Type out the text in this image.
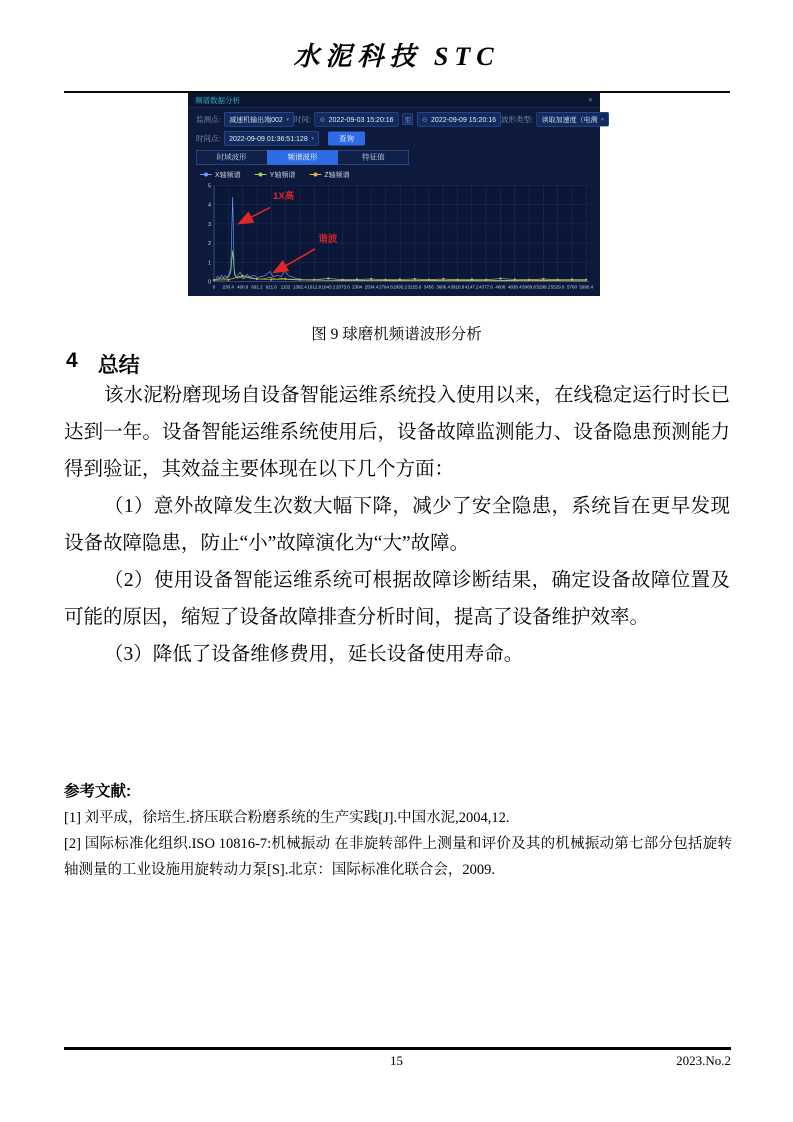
水泥科技 STC
频谱数据分析	×
监测点: 减速机输出端002 ▾ 时间: ⊙ 2022-09-03 15:20:16 至 ⊙ 2022-09-09 15:20:16 波形类型: 读取加速度（电测 ▾
时间点: 2022-09-09 01:36:51:128 ▾	查询
时域波形	频谱波形	特征值
X轴频谱 Y轴频谱 Z轴频谱
0 230.4 460.8 691.2 921.6 1152 1382.4 1612.8 1843.2 2073.6 2304 2534.4 2764.8 2995.2 3225.6 3456 3686.4 3916.8 4147.2 4377.6 4608 4838.4 5068.8 5299.2 5529.6 5760 5990.4
0
1
2
3
4
5
1X高
谐波
图 9 球磨机频谱波形分析
4 总结

该水泥粉磨现场自设备智能运维系统投入使用以来，在线稳定运行时长已达到一年。设备智能运维系统使用后，设备故障监测能力、设备隐患预测能力得到验证，其效益主要体现在以下几个方面：

（1）意外故障发生次数大幅下降，减少了安全隐患，系统旨在更早发现设备故障隐患，防止“小”故障演化为“大”故障。

（2）使用设备智能运维系统可根据故障诊断结果，确定设备故障位置及可能的原因，缩短了设备故障排查分析时间，提高了设备维护效率。

（3）降低了设备维修费用，延长设备使用寿命。

参考文献:

[1] 刘平成，徐培生.挤压联合粉磨系统的生产实践[J].中国水泥,2004,12.

[2] 国际标准化组织.ISO 10816-7:机械振动 在非旋转部件上测量和评价及其的机械振动第七部分包括旋转轴测量的工业设施用旋转动力泵[S].北京：国际标准化联合会，2009.

15	2023.No.2
